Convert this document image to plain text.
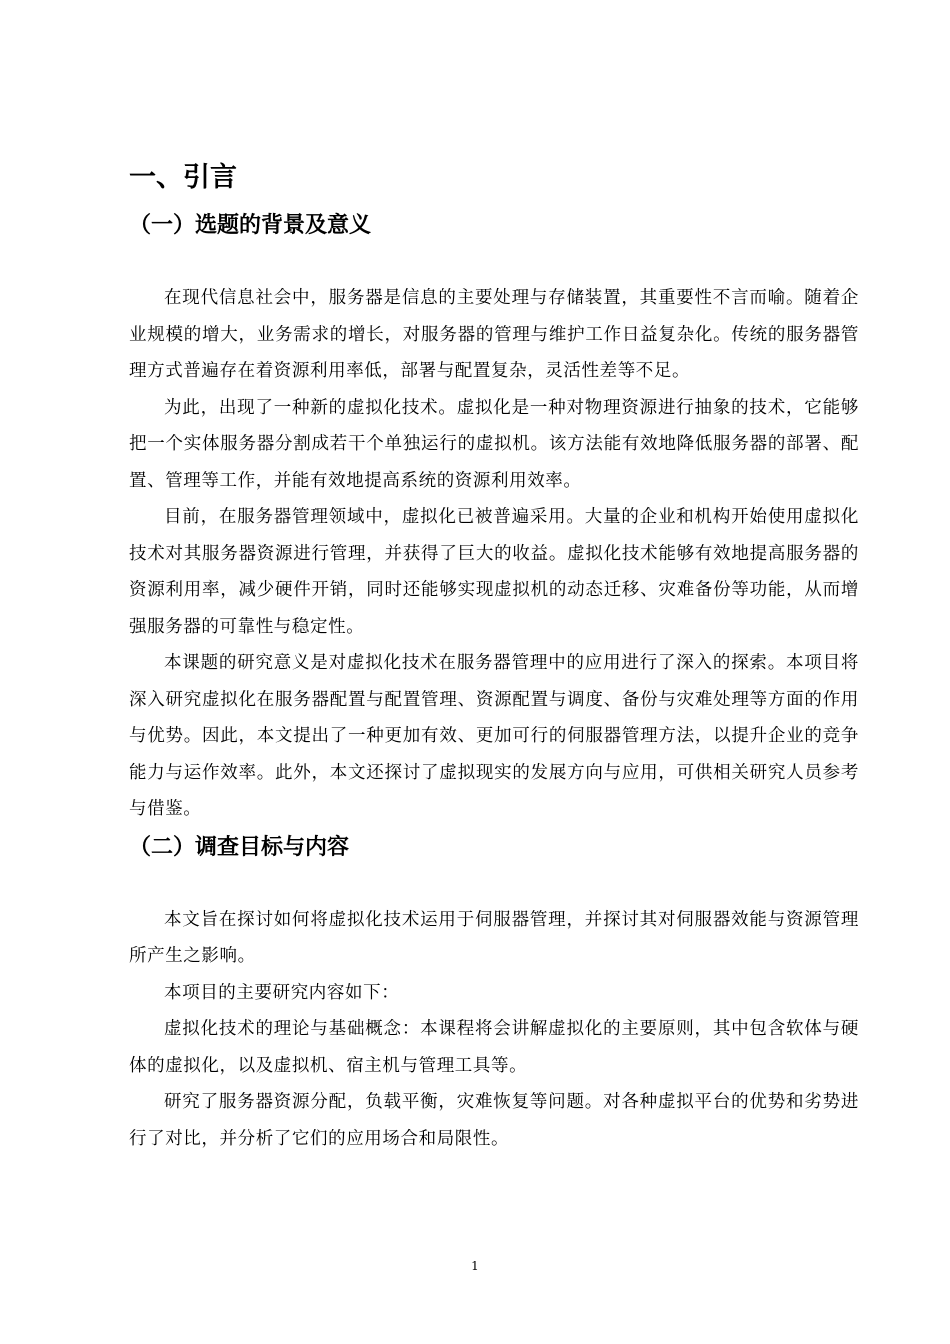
一、引言
（一）选题的背景及意义

在现代信息社会中，服务器是信息的主要处理与存储装置，其重要性不言而喻。随着企业规模的增大，业务需求的增长，对服务器的管理与维护工作日益复杂化。传统的服务器管理方式普遍存在着资源利用率低，部署与配置复杂，灵活性差等不足。

为此，出现了一种新的虚拟化技术。虚拟化是一种对物理资源进行抽象的技术，它能够把一个实体服务器分割成若干个单独运行的虚拟机。该方法能有效地降低服务器的部署、配置、管理等工作，并能有效地提高系统的资源利用效率。

目前，在服务器管理领域中，虚拟化已被普遍采用。大量的企业和机构开始使用虚拟化技术对其服务器资源进行管理，并获得了巨大的收益。虚拟化技术能够有效地提高服务器的资源利用率，减少硬件开销，同时还能够实现虚拟机的动态迁移、灾难备份等功能，从而增强服务器的可靠性与稳定性。

本课题的研究意义是对虚拟化技术在服务器管理中的应用进行了深入的探索。本项目将深入研究虚拟化在服务器配置与配置管理、资源配置与调度、备份与灾难处理等方面的作用与优势。因此，本文提出了一种更加有效、更加可行的伺服器管理方法，以提升企业的竞争能力与运作效率。此外，本文还探讨了虚拟现实的发展方向与应用，可供相关研究人员参考与借鉴。

（二）调查目标与内容

本文旨在探讨如何将虚拟化技术运用于伺服器管理，并探讨其对伺服器效能与资源管理所产生之影响。

本项目的主要研究内容如下：

虚拟化技术的理论与基础概念：本课程将会讲解虚拟化的主要原则，其中包含软体与硬体的虚拟化，以及虚拟机、宿主机与管理工具等。

研究了服务器资源分配，负载平衡，灾难恢复等问题。对各种虚拟平台的优势和劣势进行了对比，并分析了它们的应用场合和局限性。

1
